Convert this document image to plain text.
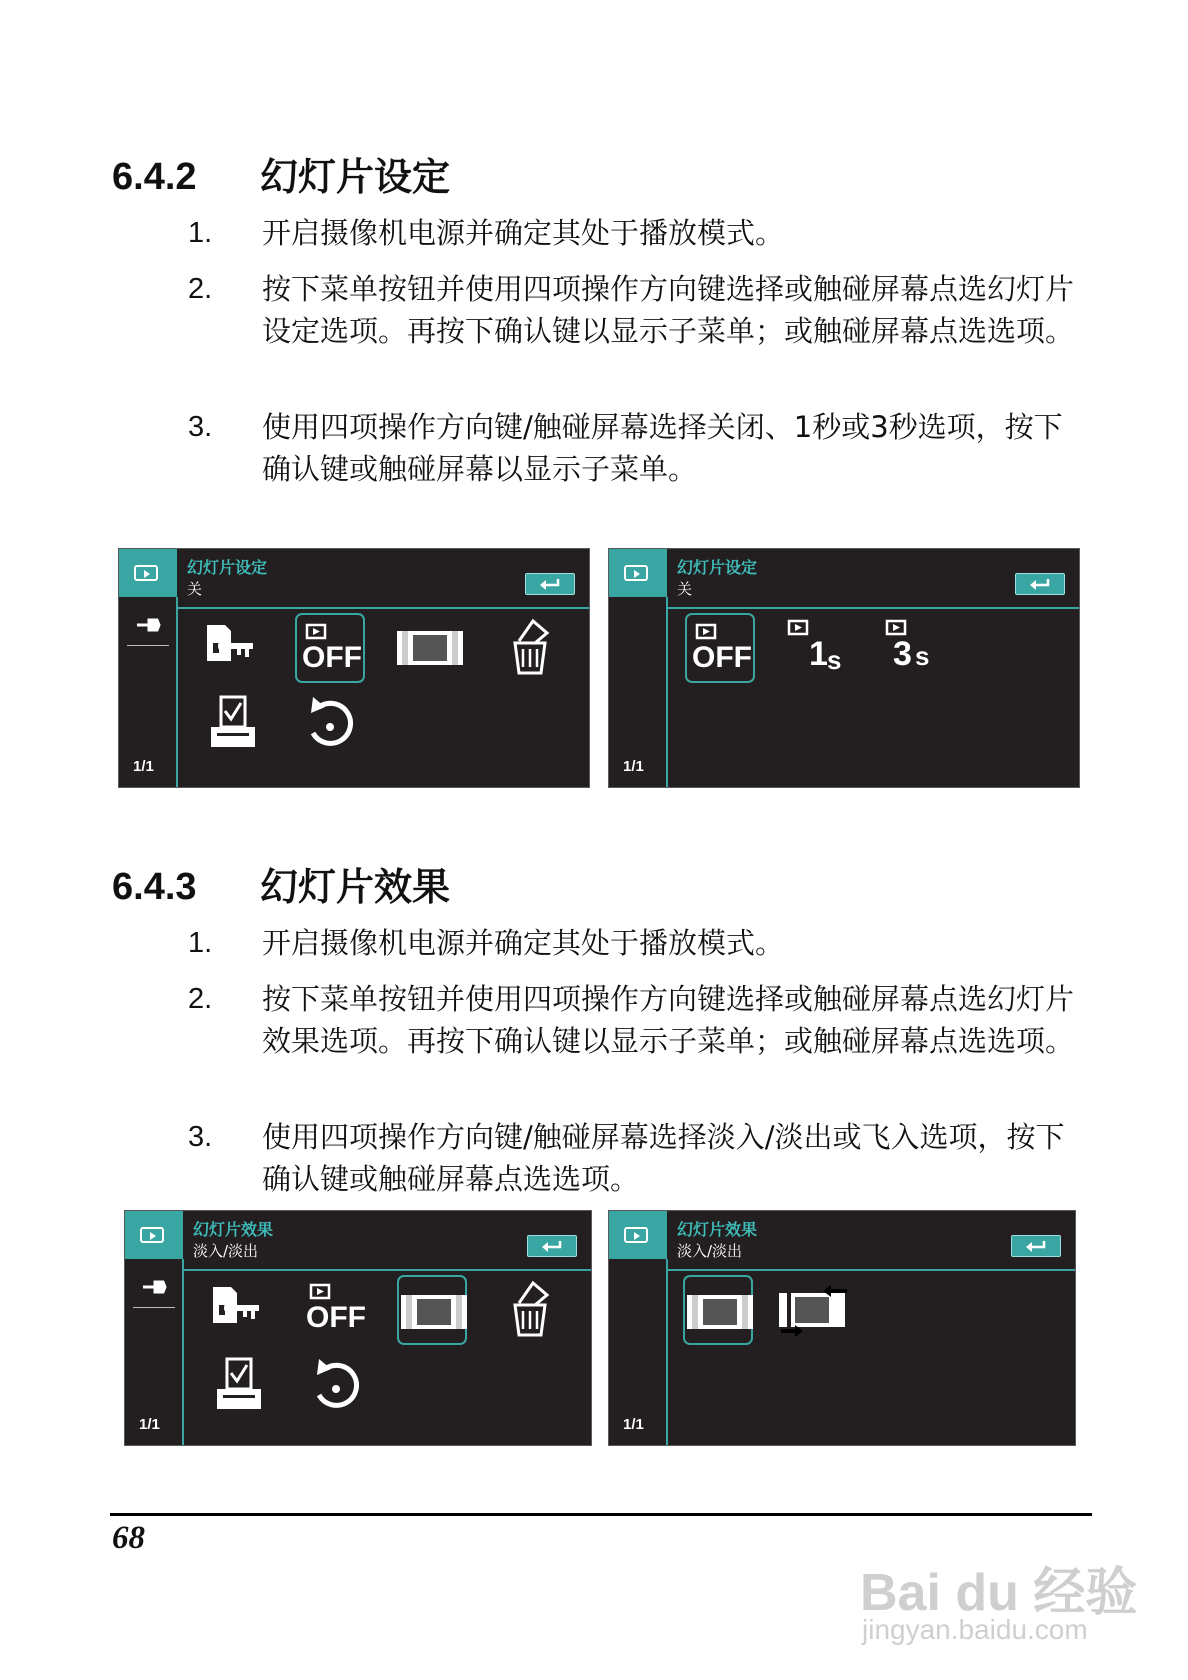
6.4.2 幻灯片设定
1. 开启摄像机电源并确定其处于播放模式。
2. 按下菜单按钮并使用四项操作方向键选择或触碰屏幕点选幻灯片设定选项。再按下确认键以显示子菜单；或触碰屏幕点选选项。
3. 使用四项操作方向键/触碰屏幕选择关闭、1秒或3秒选项，按下确认键或触碰屏幕以显示子菜单。
幻灯片设定
关
1/1
OFF
幻灯片设定
关
1/1
OFF 1 s 3 s
6.4.3 幻灯片效果
1. 开启摄像机电源并确定其处于播放模式。
2. 按下菜单按钮并使用四项操作方向键选择或触碰屏幕点选幻灯片效果选项。再按下确认键以显示子菜单；或触碰屏幕点选选项。
3. 使用四项操作方向键/触碰屏幕选择淡入/淡出或飞入选项，按下确认键或触碰屏幕点选选项。
幻灯片效果
淡入/淡出
1/1
OFF
幻灯片效果
淡入/淡出
1/1
68
Bai du 经验
jingyan.baidu.com
